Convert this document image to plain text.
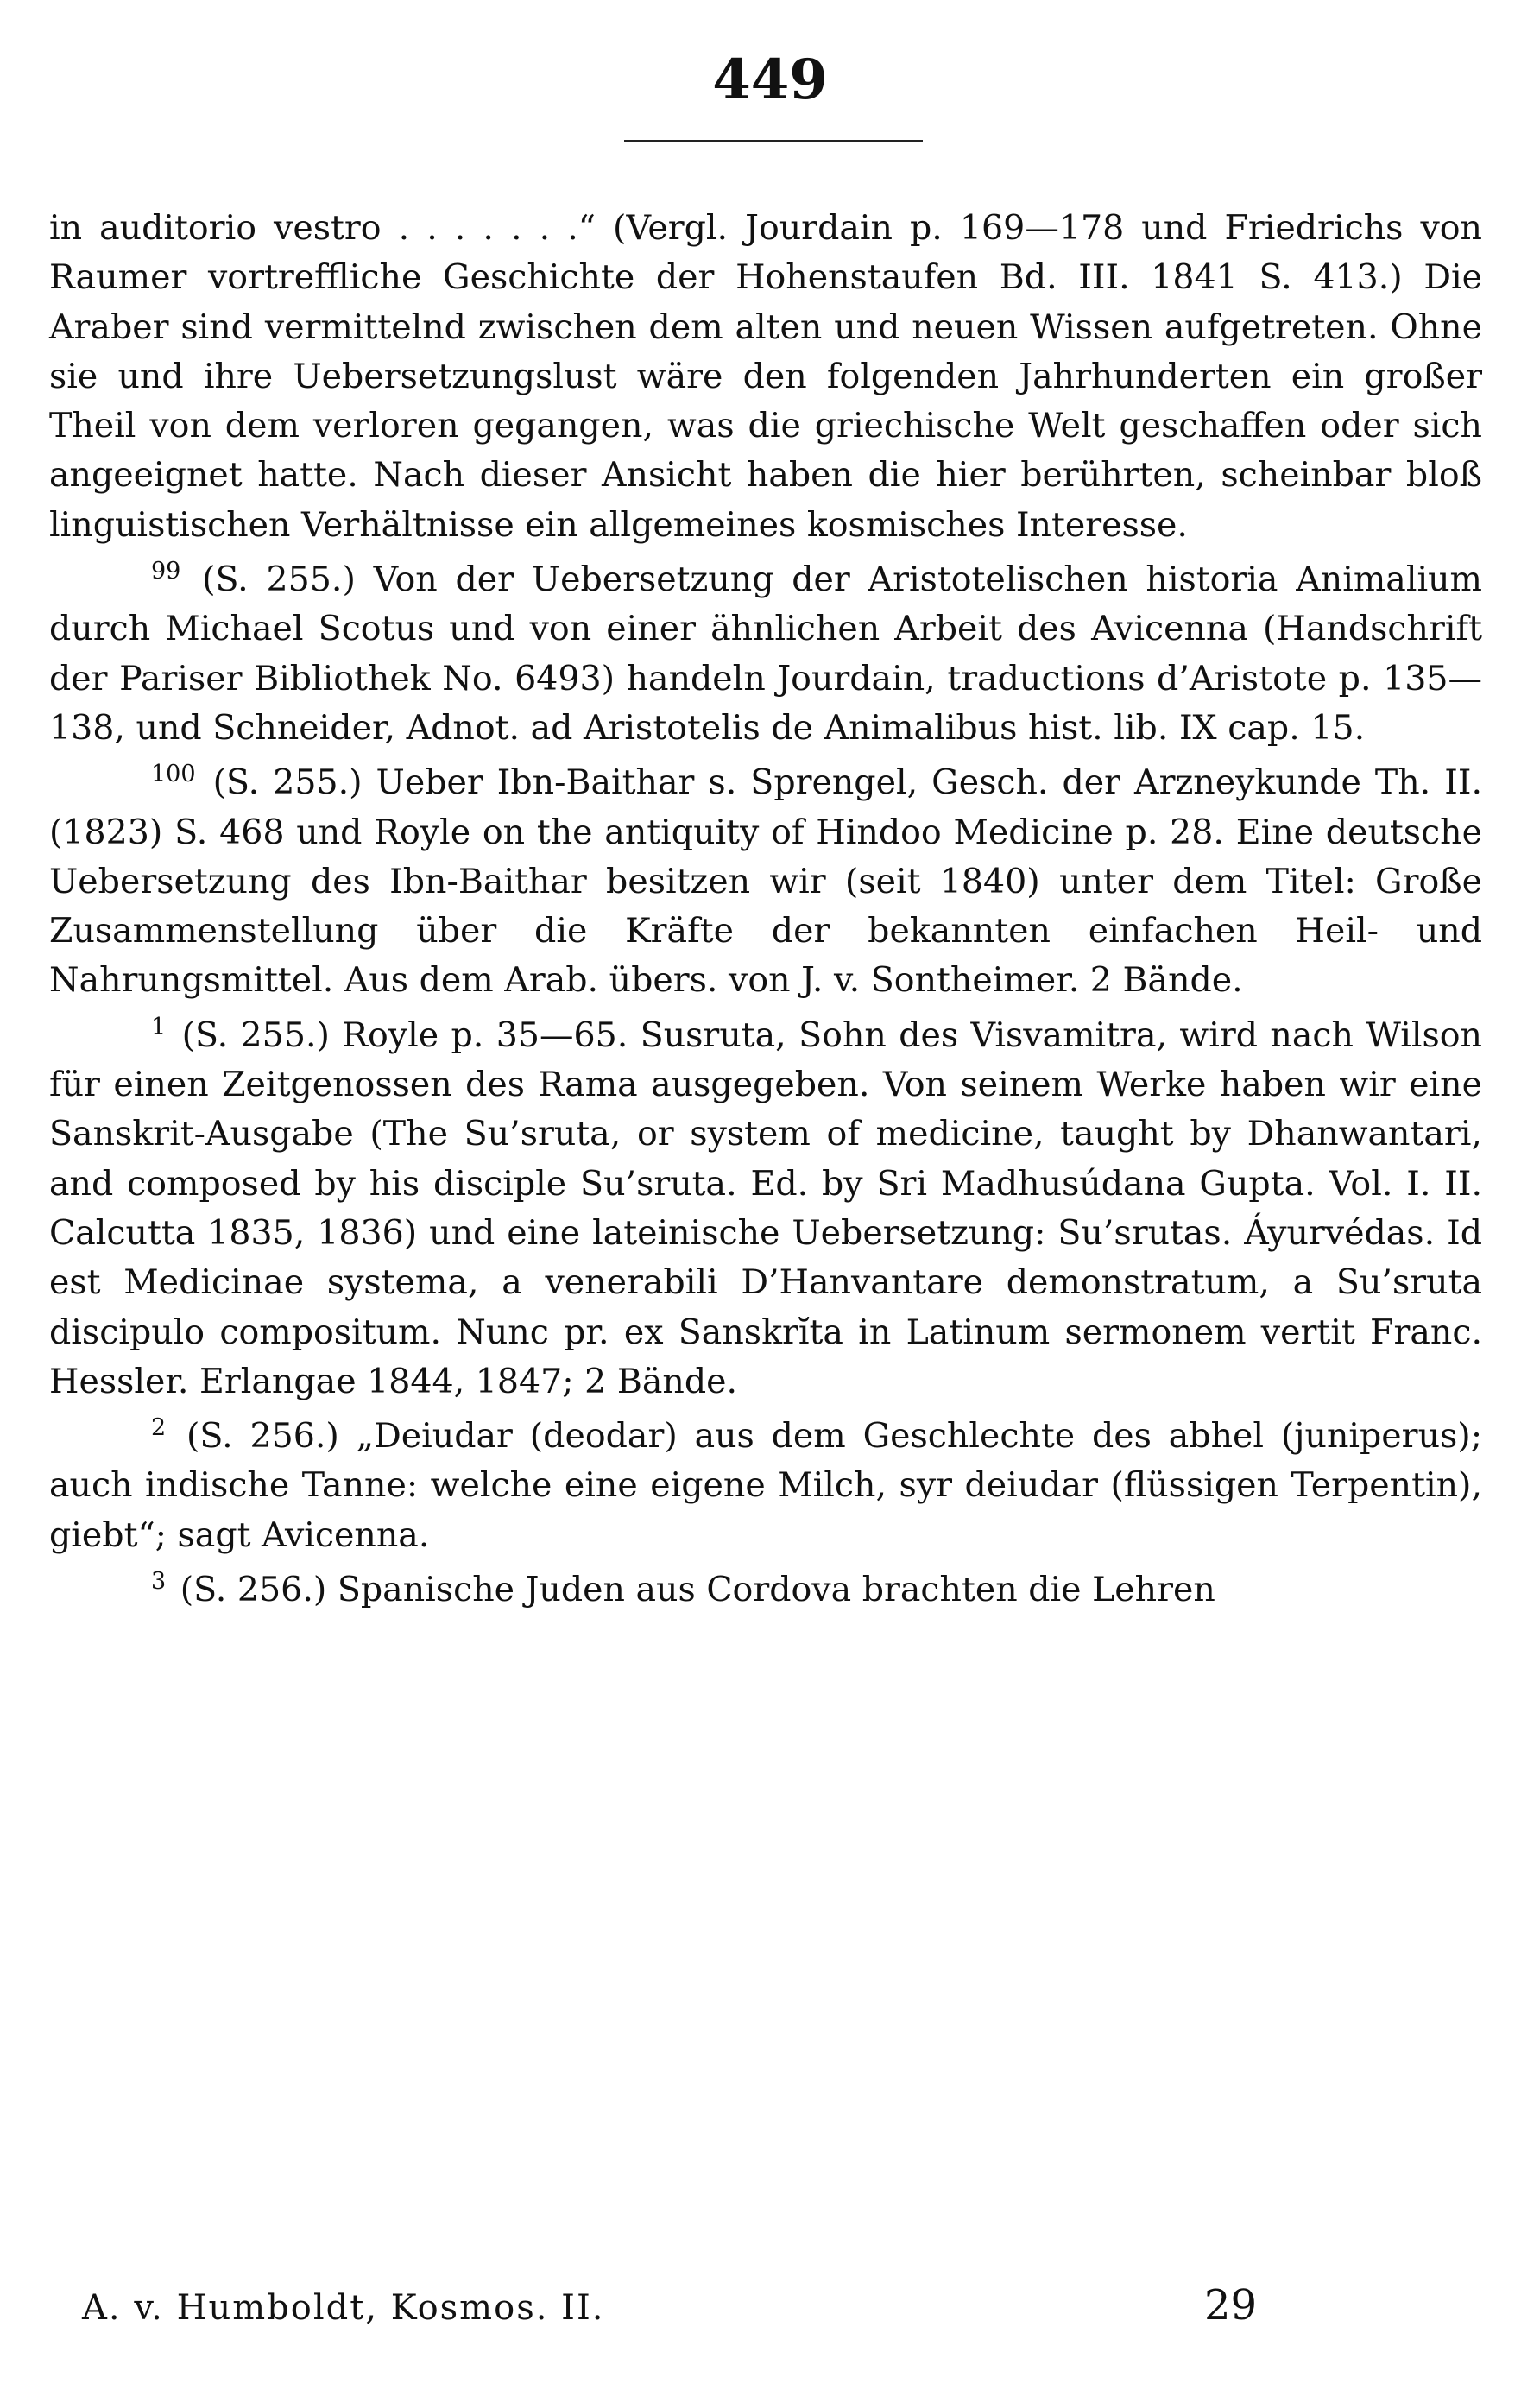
449

in auditorio vestro . . . . . . .“ (Vergl. Jourdain p. 169—178 und Friedrichs von Raumer vortreffliche Geschichte der Hohenstaufen Bd. III. 1841 S. 413.) Die Araber sind vermittelnd zwischen dem alten und neuen Wissen aufgetreten. Ohne sie und ihre Uebersetzungslust wäre den folgenden Jahrhunderten ein großer Theil von dem verloren gegangen, was die griechische Welt geschaffen oder sich angeeignet hatte. Nach dieser Ansicht haben die hier berührten, scheinbar bloß linguistischen Verhältnisse ein allgemeines kosmisches Interesse.

$^{99}$ (S. 255.) Von der Uebersetzung der Aristotelischen historia Animalium durch Michael Scotus und von einer ähnlichen Arbeit des Avicenna (Handschrift der Pariser Bibliothek No. 6493) handeln Jourdain, traductions d’Aristote p. 135—138, und Schneider, Adnot. ad Aristotelis de Animalibus hist. lib. IX cap. 15.

$^{100}$ (S. 255.) Ueber Ibn-Baithar s. Sprengel, Gesch. der Arzneykunde Th. II. (1823) S. 468 und Royle on the antiquity of Hindoo Medicine p. 28. Eine deutsche Uebersetzung des Ibn-Baithar besitzen wir (seit 1840) unter dem Titel: Große Zusammenstellung über die Kräfte der bekannten einfachen Heil- und Nahrungsmittel. Aus dem Arab. übers. von J. v. Sontheimer. 2 Bände.

$^1$ (S. 255.) Royle p. 35—65. Susruta, Sohn des Visvamitra, wird nach Wilson für einen Zeitgenossen des Rama ausgegeben. Von seinem Werke haben wir eine Sanskrit-Ausgabe (The Su’sruta, or system of medicine, taught by Dhanwantari, and composed by his disciple Su’sruta. Ed. by Sri Madhusúdana Gupta. Vol. I. II. Calcutta 1835, 1836) und eine lateinische Uebersetzung: Su’srutas. Áyurvédas. Id est Medicinae systema, a venerabili D’Hanvantare demonstratum, a Su’sruta discipulo compositum. Nunc pr. ex Sanskrĭta in Latinum sermonem vertit Franc. Hessler. Erlangae 1844, 1847; 2 Bände.

$^2$ (S. 256.) „Deiudar (deodar) aus dem Geschlechte des abhel (juniperus); auch indische Tanne: welche eine eigene Milch, syr deiudar (flüssigen Terpentin), giebt“; sagt Avicenna.

$^3$ (S. 256.) Spanische Juden aus Cordova brachten die Lehren

A. v. Humboldt, Kosmos. II.	29
